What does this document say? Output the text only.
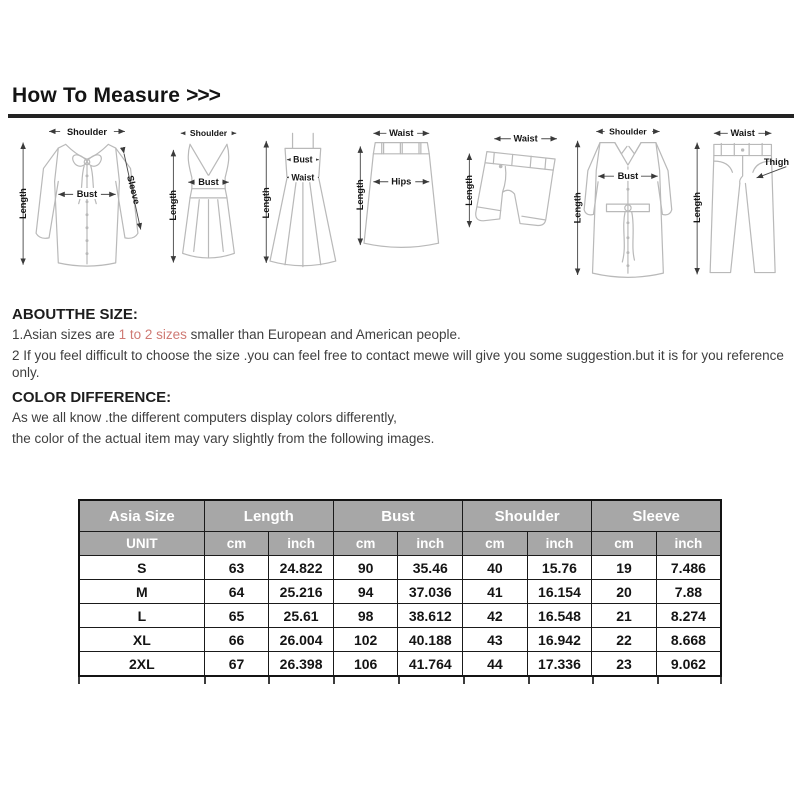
How To Measure >>>
Shoulder
Length	Bust	Sleeve
Shoulder
Length
Bust
Length
Bust
Waist
Waist
Length	Hips
Waist
Length
Shoulder
Length
Bust
Waist
Length
Thigh
ABOUTTHE SIZE:
1.Asian sizes are 1 to 2 sizes smaller than European and American people.
2 If you feel difficult to choose the size .you can feel free to contact mewe will give you some suggestion.but it is for you reference only.
COLOR DIFFERENCE:
As we all know .the different computers display colors differently,
the color of the actual item may vary slightly from the following images.
Asia Size	Length		Bust		Shoulder		Sleeve	
UNIT	cm	inch	cm	inch	cm	inch	cm	inch
S	63	24.822	90	35.46	40	15.76	19	7.486
M	64	25.216	94	37.036	41	16.154	20	7.88
L	65	25.61	98	38.612	42	16.548	21	8.274
XL	66	26.004	102	40.188	43	16.942	22	8.668
2XL	67	26.398	106	41.764	44	17.336	23	9.062
